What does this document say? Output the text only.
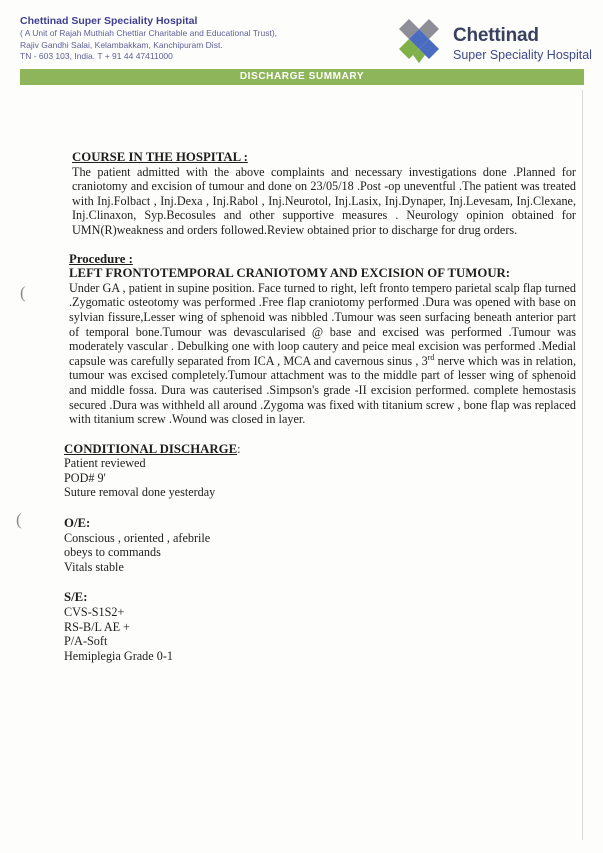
Chettinad Super Speciality Hospital
( A Unit of Rajah Muthiah Chettiar Charitable and Educational Trust),
Rajiv Gandhi Salai, Kelambakkam, Kanchipuram Dist.
TN - 603 103, India. T + 91 44 47411000
Chettinad
Super Speciality Hospital
DISCHARGE SUMMARY
(
(
COURSE IN THE HOSPITAL :
The patient admitted with the above complaints and necessary investigations done .Planned for craniotomy and excision of tumour and done on 23/05/18 .Post -op uneventful .The patient was treated with Inj.Folbact , Inj.Dexa , Inj.Rabol , Inj.Neurotol, Inj.Lasix, Inj.Dynaper, Inj.Levesam, Inj.Clexane, Inj.Clinaxon, Syp.Becosules and other supportive measures . Neurology opinion obtained for UMN(R)weakness and orders followed.Review obtained prior to discharge for drug orders.
Procedure :
LEFT FRONTOTEMPORAL CRANIOTOMY AND EXCISION OF TUMOUR:
Under GA , patient in supine position. Face turned to right, left fronto tempero parietal scalp flap turned .Zygomatic osteotomy was performed .Free flap craniotomy performed .Dura was opened with base on sylvian fissure,Lesser wing of sphenoid was nibbled .Tumour was seen surfacing beneath anterior part of temporal bone.Tumour was devascularised @ base and excised was performed .Tumour was moderately vascular . Debulking one with loop cautery and peice meal excision was performed .Medial capsule was carefully separated from ICA , MCA and cavernous sinus , 3rd nerve which was in relation, tumour was excised completely.Tumour attachment was to the middle part of lesser wing of sphenoid and middle fossa. Dura was cauterised .Simpson's grade -II excision performed. complete hemostasis secured .Dura was withheld all around .Zygoma was fixed with titanium screw , bone flap was replaced with titanium screw .Wound was closed in layer.
CONDITIONAL DISCHARGE:
Patient reviewed
POD# 9'
Suture removal done yesterday
O/E:
Conscious , oriented , afebrile
obeys to commands
Vitals stable
S/E:
CVS-S1S2+
RS-B/L AE +
P/A-Soft
Hemiplegia Grade 0-1
